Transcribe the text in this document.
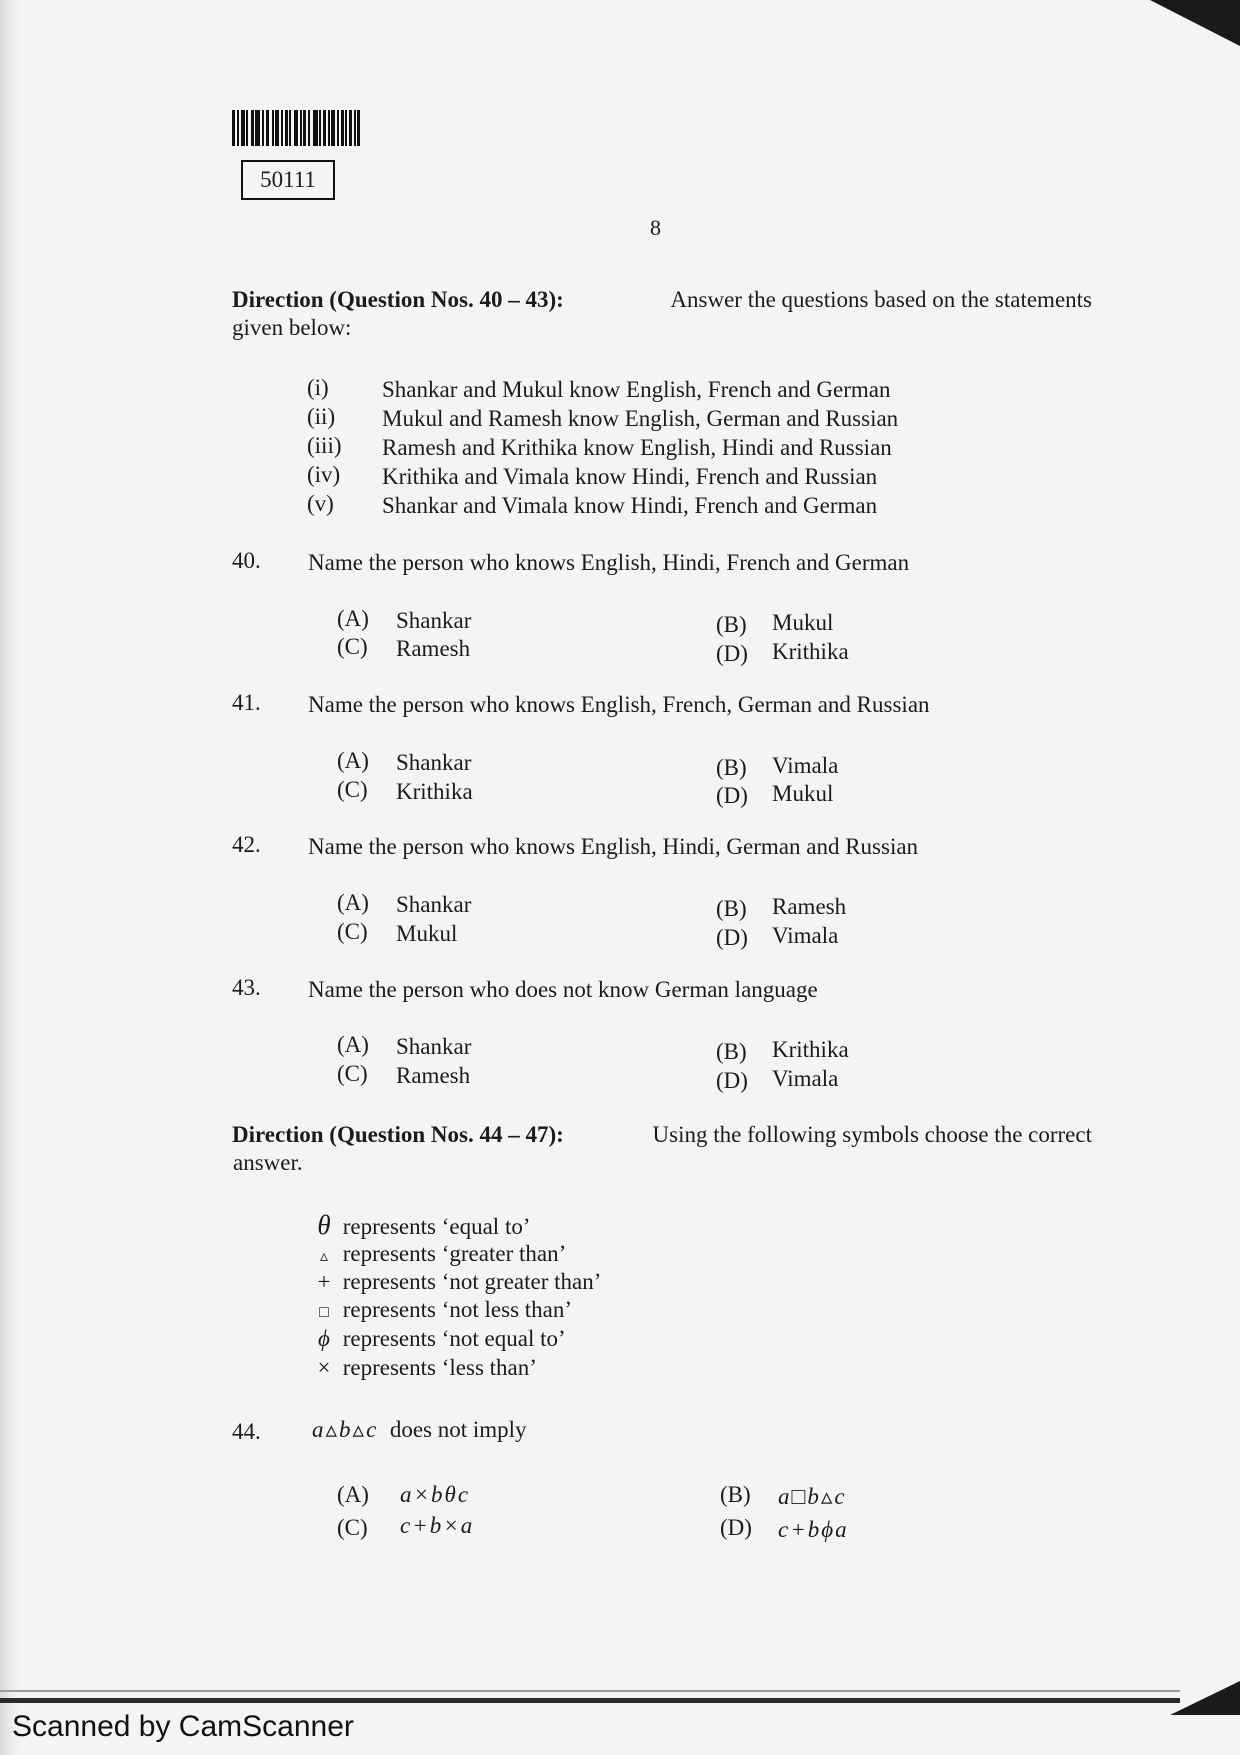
50111
8
Direction (Question Nos. 40 – 43):	Answer the questions based on the statements
given below:
(i) Shankar and Mukul know English, French and German
(ii) Mukul and Ramesh know English, German and Russian
(iii) Ramesh and Krithika know English, Hindi and Russian
(iv) Krithika and Vimala know Hindi, French and Russian
(v) Shankar and Vimala know Hindi, French and German
40. Name the person who knows English, Hindi, French and German
(A) Shankar	(B) Mukul
(C) Ramesh	(D) Krithika
41. Name the person who knows English, French, German and Russian
(A) Shankar	(B) Vimala
(C) Krithika	(D) Mukul
42. Name the person who knows English, Hindi, German and Russian
(A) Shankar	(B) Ramesh
(C) Mukul	(D) Vimala
43. Name the person who does not know German language
(A) Shankar	(B) Krithika
(C) Ramesh	(D) Vimala
Direction (Question Nos. 44 – 47):	Using the following symbols choose the correct
answer.
θ represents ‘equal to’
▵ represents ‘greater than’
+ represents ‘not greater than’
□ represents ‘not less than’
ϕ represents ‘not equal to’
× represents ‘less than’
44. a▵b▵c does not imply
(A) a×bθc	(B) a□b▵c
(C) c+b×a	(D) c+bϕa
Scanned by CamScanner
